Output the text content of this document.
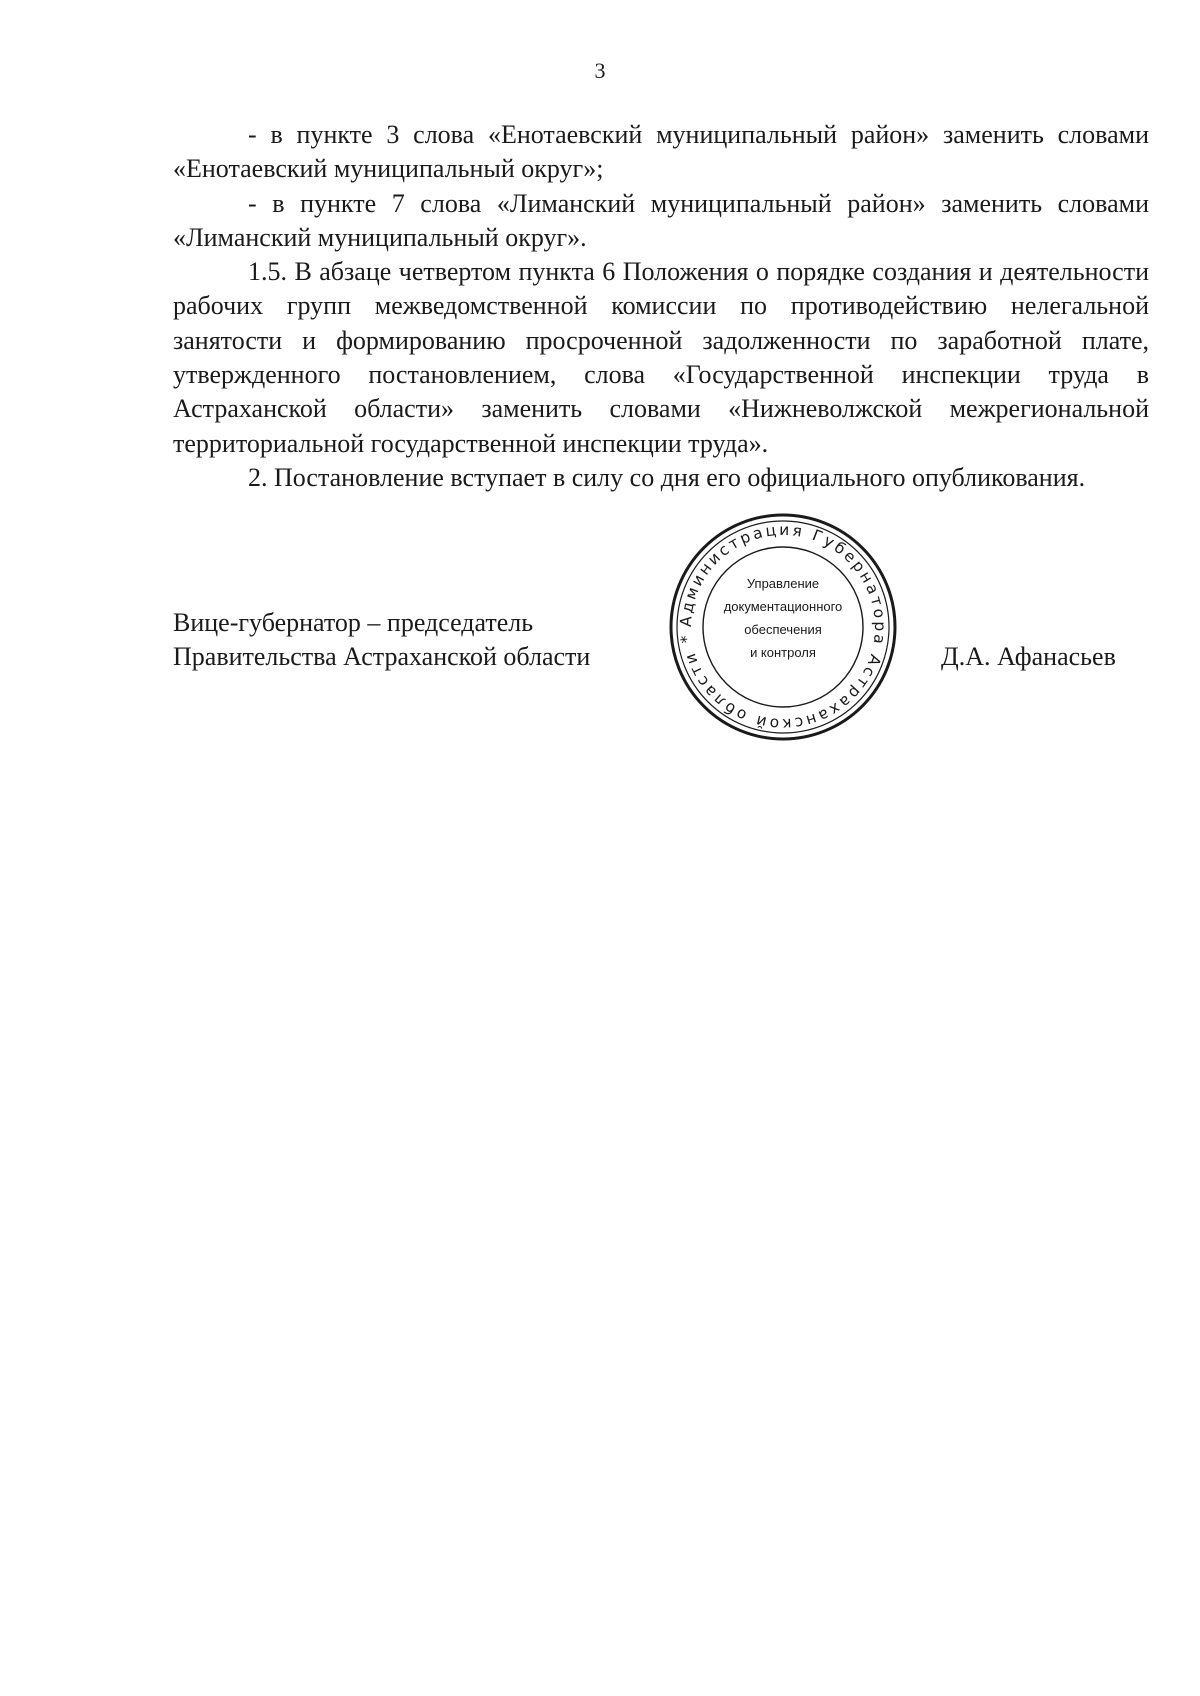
3

- в пункте 3 слова «Енотаевский муниципальный район» заменить словами «Енотаевский муниципальный округ»;

- в пункте 7 слова «Лиманский муниципальный район» заменить словами «Лиманский муниципальный округ».

1.5. В абзаце четвертом пункта 6 Положения о порядке создания и деятельности рабочих групп межведомственной комиссии по противодействию нелегальной занятости и формированию просроченной задолженности по заработной плате, утвержденного постановлением, слова «Государственной инспекции труда в Астраханской области» заменить словами «Нижневолжской межрегиональной территориальной государственной инспекции труда».

2. Постановление вступает в силу со дня его официального опубликования.

Вице-губернатор – председатель
Правительства Астраханской области
Администрация Губернатора Астраханской области *
Управление
документационного
обеспечения
и контроля	Д.А. Афанасьев
